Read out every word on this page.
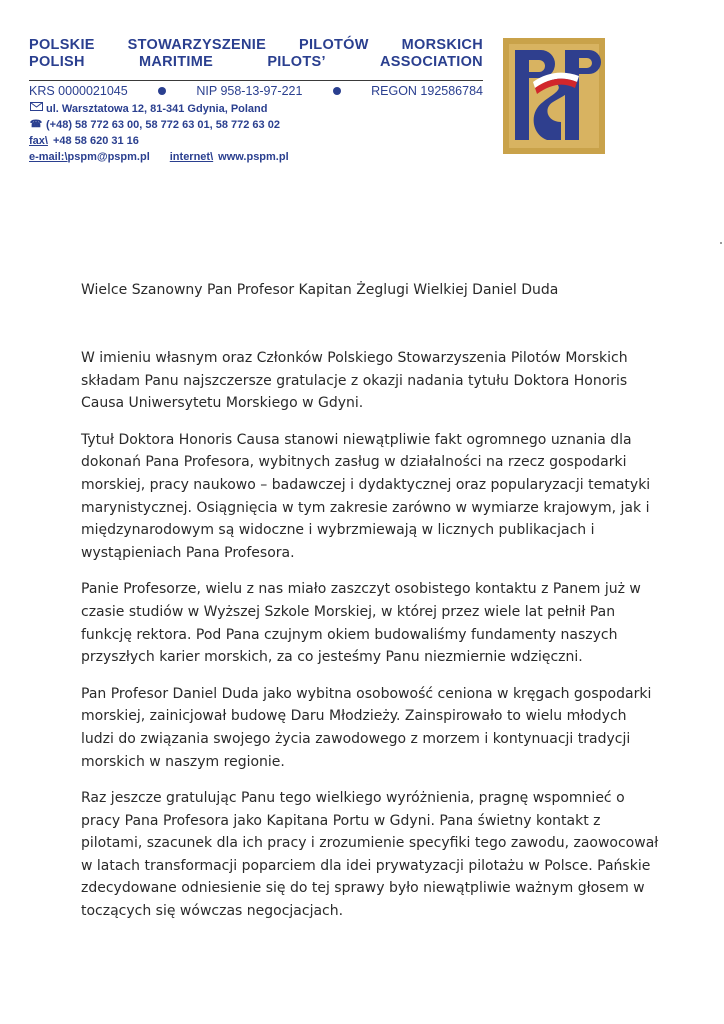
POLSKIE STOWARZYSZENIE PILOTÓW MORSKICH
POLISH	MARITIME	PILOTS’	ASSOCIATION
KRS 0000021045	NIP 958-13-97-221	REGON 192586784
ul. Warsztatowa 12, 81-341 Gdynia, Poland
☎ (+48) 58 772 63 00, 58 772 63 01, 58 772 63 02
fax\ +48 58 620 31 16
e-mail:\ pspm@pspm.pl internet\ www.pspm.pl
Wielce Szanowny Pan Profesor Kapitan Żeglugi Wielkiej Daniel Duda

W imieniu własnym oraz Członków Polskiego Stowarzyszenia Pilotów Morskich składam Panu najszczersze gratulacje z okazji nadania tytułu Doktora Honoris Causa Uniwersytetu Morskiego w Gdyni.

Tytuł Doktora Honoris Causa stanowi niewątpliwie fakt ogromnego uznania dla dokonań Pana Profesora, wybitnych zasług w działalności na rzecz gospodarki morskiej, pracy naukowo – badawczej i dydaktycznej oraz popularyzacji tematyki marynistycznej. Osiągnięcia w tym zakresie zarówno w wymiarze krajowym, jak i międzynarodowym są widoczne i wybrzmiewają w licznych publikacjach i wystąpieniach Pana Profesora.

Panie Profesorze, wielu z nas miało zaszczyt osobistego kontaktu z Panem już w czasie studiów w Wyższej Szkole Morskiej, w której przez wiele lat pełnił Pan funkcję rektora. Pod Pana czujnym okiem budowaliśmy fundamenty naszych przyszłych karier morskich, za co jesteśmy Panu niezmiernie wdzięczni.

Pan Profesor Daniel Duda jako wybitna osobowość ceniona w kręgach gospodarki morskiej, zainicjował budowę Daru Młodzieży. Zainspirowało to wielu młodych ludzi do związania swojego życia zawodowego z morzem i kontynuacji tradycji morskich w naszym regionie.

Raz jeszcze gratulując Panu tego wielkiego wyróżnienia, pragnę wspomnieć o pracy Pana Profesora jako Kapitana Portu w Gdyni. Pana świetny kontakt z pilotami, szacunek dla ich pracy i zrozumienie specyfiki tego zawodu, zaowocował w latach transformacji poparciem dla idei prywatyzacji pilotażu w Polsce. Pańskie zdecydowane odniesienie się do tej sprawy było niewątpliwie ważnym głosem w toczących się wówczas negocjacjach.
